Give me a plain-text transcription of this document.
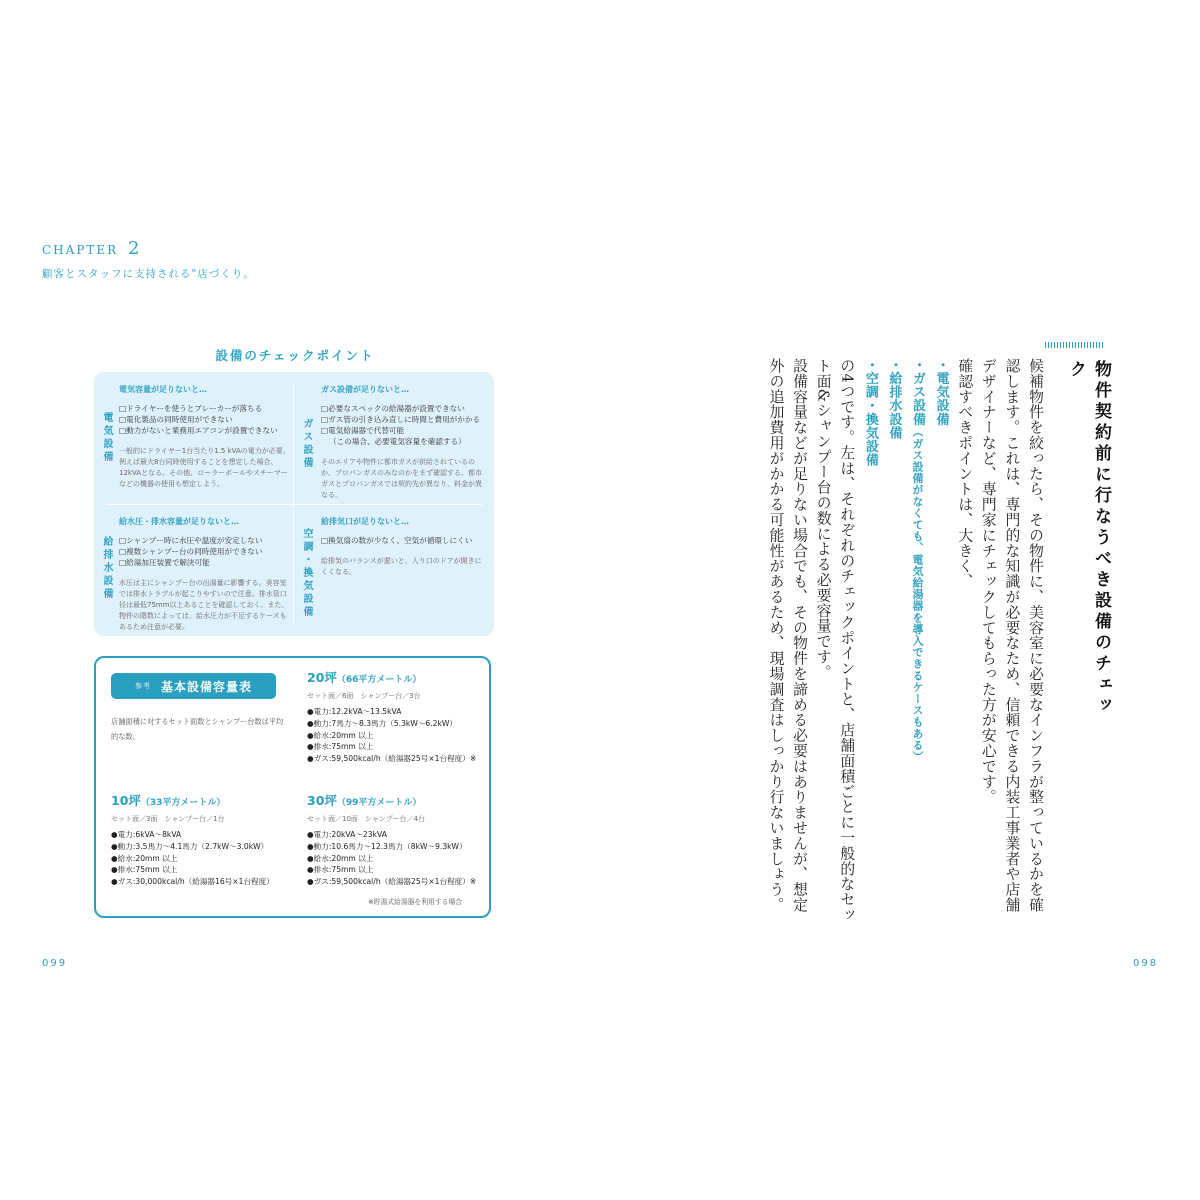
CHAPTER 2
顧客とスタッフに支持される"店づくり。
設備のチェックポイント
電気設備
電気容量が足りないと…
□ドライヤーを使うとブレーカーが落ちる
□電化製品の同時使用ができない
□動力がないと業務用エアコンが設置できない
一般的にドライヤー1台当たり1.5 kVAの電力が必要。例えば最大8台同時使用することを想定した場合、12kVAとなる。その他、ローラーボールやスチーマーなどの機器の使用も想定しよう。
ガス設備
ガス設備が足りないと…
□必要なスペックの給湯器が設置できない
□ガス管の引き込み直しに時間と費用がかかる
□電気給湯器で代替可能
（この場合、必要電気容量を確認する）
そのエリアや物件に都市ガスが供給されているのか、プロパンガスのみなのかをまず確認する。都市ガスとプロパンガスでは契約先が異なり、料金が異なる。
給排水設備
給水圧・排水容量が足りないと…
□シャンプー時に水圧や温度が安定しない
□複数シャンプー台の同時使用ができない
□給湯加圧装置で解決可能
水圧は主にシャンプー台の出湯量に影響する。美容室では排水トラブルが起こりやすいので注意。排水管口径は最低75mm以上あることを確認しておく。また、物件の階数によっては、給水圧力が不足するケースもあるため注意が必要。
空調・換気設備
給排気口が足りないと…
□換気扇の数が少なく、空気が循環しにくい
給排気のバランスが悪いと、入り口のドアが開きにくくなる。
参考 基本設備容量表
店舗面積に対するセット面数とシャンプー台数は平均的な数。
20坪（66平方メートル）
セット面／6面　シャンプー台／3台
●電力:12.2kVA〜13.5kVA
●動力:7馬力〜8.3馬力（5.3kW〜6.2kW）
●給水:20mm 以上
●排水:75mm 以上
●ガス:59,500kcal/h（給湯器25号×1台程度）※
10坪（33平方メートル）
セット面／3面　シャンプー台／1台
●電力:6kVA〜8kVA
●動力:3.5馬力〜4.1馬力（2.7kW〜3.0kW）
●給水:20mm 以上
●排水:75mm 以上
●ガス:30,000kcal/h（給湯器16号×1台程度）
30坪（99平方メートル）
セット面／10面　シャンプー台／4台
●電力:20kVA〜23kVA
●動力:10.6馬力〜12.3馬力（8kW〜9.3kW）
●給水:20mm 以上
●排水:75mm 以上
●ガス:59,500kcal/h（給湯器25号×1台程度）※
※貯湯式給湯器を利用する場合
099
物件契約前に行なうべき設備のチェック
候補物件を絞ったら、その物件に、美容室に必要なインフラが整っているかを確認します。これは、専門的な知識が必要なため、信頼できる内装工事業者や店舗デザイナーなど、専門家にチェックしてもらった方が安心です。
確認すべきポイントは、大きく、
・電気設備
・ガス設備（ガス設備がなくても、電気給湯器を導入できるケースもある）
・給排水設備
・空調・換気設備
の4つです。左は、それぞれのチェックポイントと、店舗面積ごとに一般的なセット面&シャンプー台の数による必要容量です。
設備容量などが足りない場合でも、その物件を諦める必要はありませんが、想定外の追加費用がかかる可能性があるため、現場調査はしっかり行ないましょう。
098
